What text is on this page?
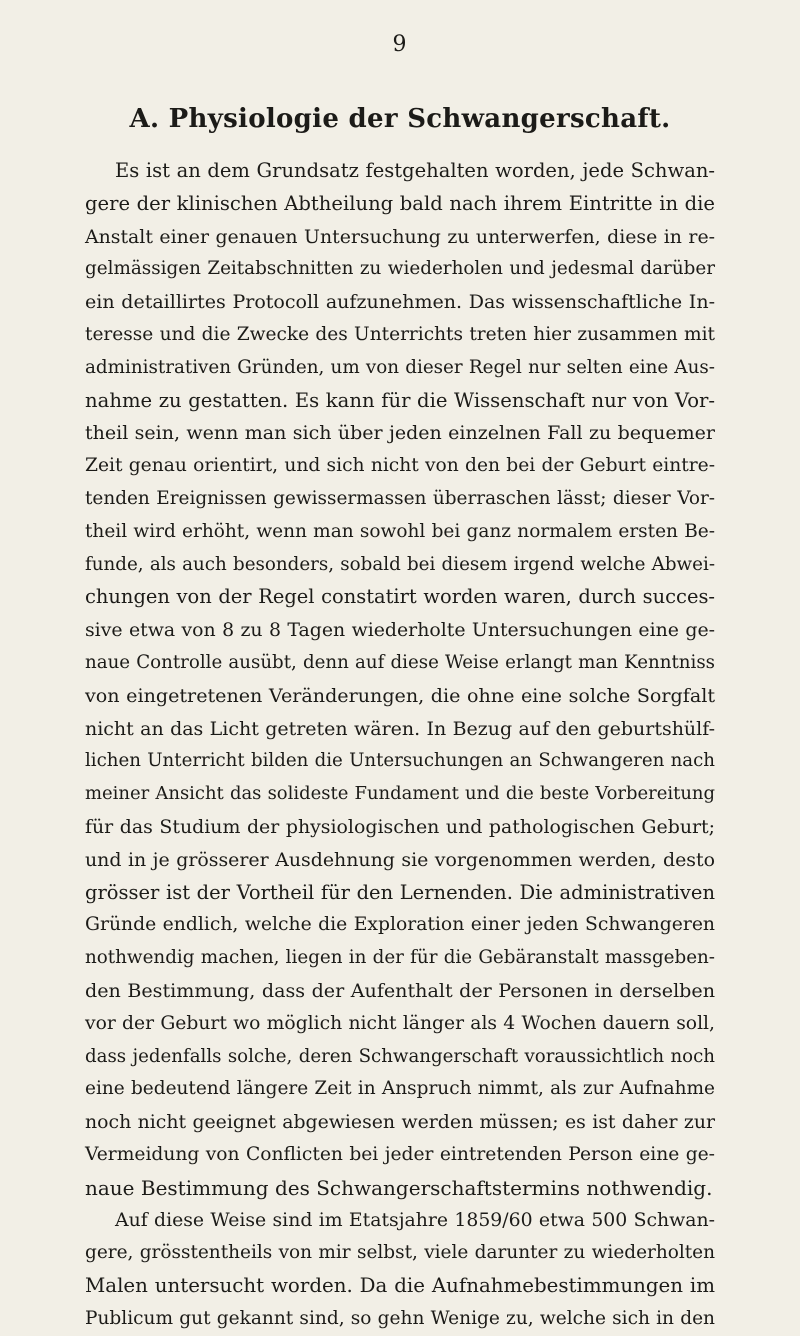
9
A. Physiologie der Schwangerschaft.

Es ist an dem Grundsatz festgehalten worden, jede Schwan-
gere der klinischen Abtheilung bald nach ihrem Eintritte in die
Anstalt einer genauen Untersuchung zu unterwerfen, diese in re-
gelmässigen Zeitabschnitten zu wiederholen und jedesmal darüber
ein detaillirtes Protocoll aufzunehmen. Das wissenschaftliche In-
teresse und die Zwecke des Unterrichts treten hier zusammen mit
administrativen Gründen, um von dieser Regel nur selten eine Aus-
nahme zu gestatten. Es kann für die Wissenschaft nur von Vor-
theil sein, wenn man sich über jeden einzelnen Fall zu bequemer
Zeit genau orientirt, und sich nicht von den bei der Geburt eintre-
tenden Ereignissen gewissermassen überraschen lässt; dieser Vor-
theil wird erhöht, wenn man sowohl bei ganz normalem ersten Be-
funde, als auch besonders, sobald bei diesem irgend welche Abwei-
chungen von der Regel constatirt worden waren, durch succes-
sive etwa von 8 zu 8 Tagen wiederholte Untersuchungen eine ge-
naue Controlle ausübt, denn auf diese Weise erlangt man Kenntniss
von eingetretenen Veränderungen, die ohne eine solche Sorgfalt
nicht an das Licht getreten wären. In Bezug auf den geburtshülf-
lichen Unterricht bilden die Untersuchungen an Schwangeren nach
meiner Ansicht das solideste Fundament und die beste Vorbereitung
für das Studium der physiologischen und pathologischen Geburt;
und in je grösserer Ausdehnung sie vorgenommen werden, desto
grösser ist der Vortheil für den Lernenden. Die administrativen
Gründe endlich, welche die Exploration einer jeden Schwangeren
nothwendig machen, liegen in der für die Gebäranstalt massgeben-
den Bestimmung, dass der Aufenthalt der Personen in derselben
vor der Geburt wo möglich nicht länger als 4 Wochen dauern soll,
dass jedenfalls solche, deren Schwangerschaft voraussichtlich noch
eine bedeutend längere Zeit in Anspruch nimmt, als zur Aufnahme
noch nicht geeignet abgewiesen werden müssen; es ist daher zur
Vermeidung von Conflicten bei jeder eintretenden Person eine ge-
naue Bestimmung des Schwangerschaftstermins nothwendig.

Auf diese Weise sind im Etatsjahre 1859/60 etwa 500 Schwan-
gere, grösstentheils von mir selbst, viele darunter zu wiederholten
Malen untersucht worden. Da die Aufnahmebestimmungen im
Publicum gut gekannt sind, so gehn Wenige zu, welche sich in den
